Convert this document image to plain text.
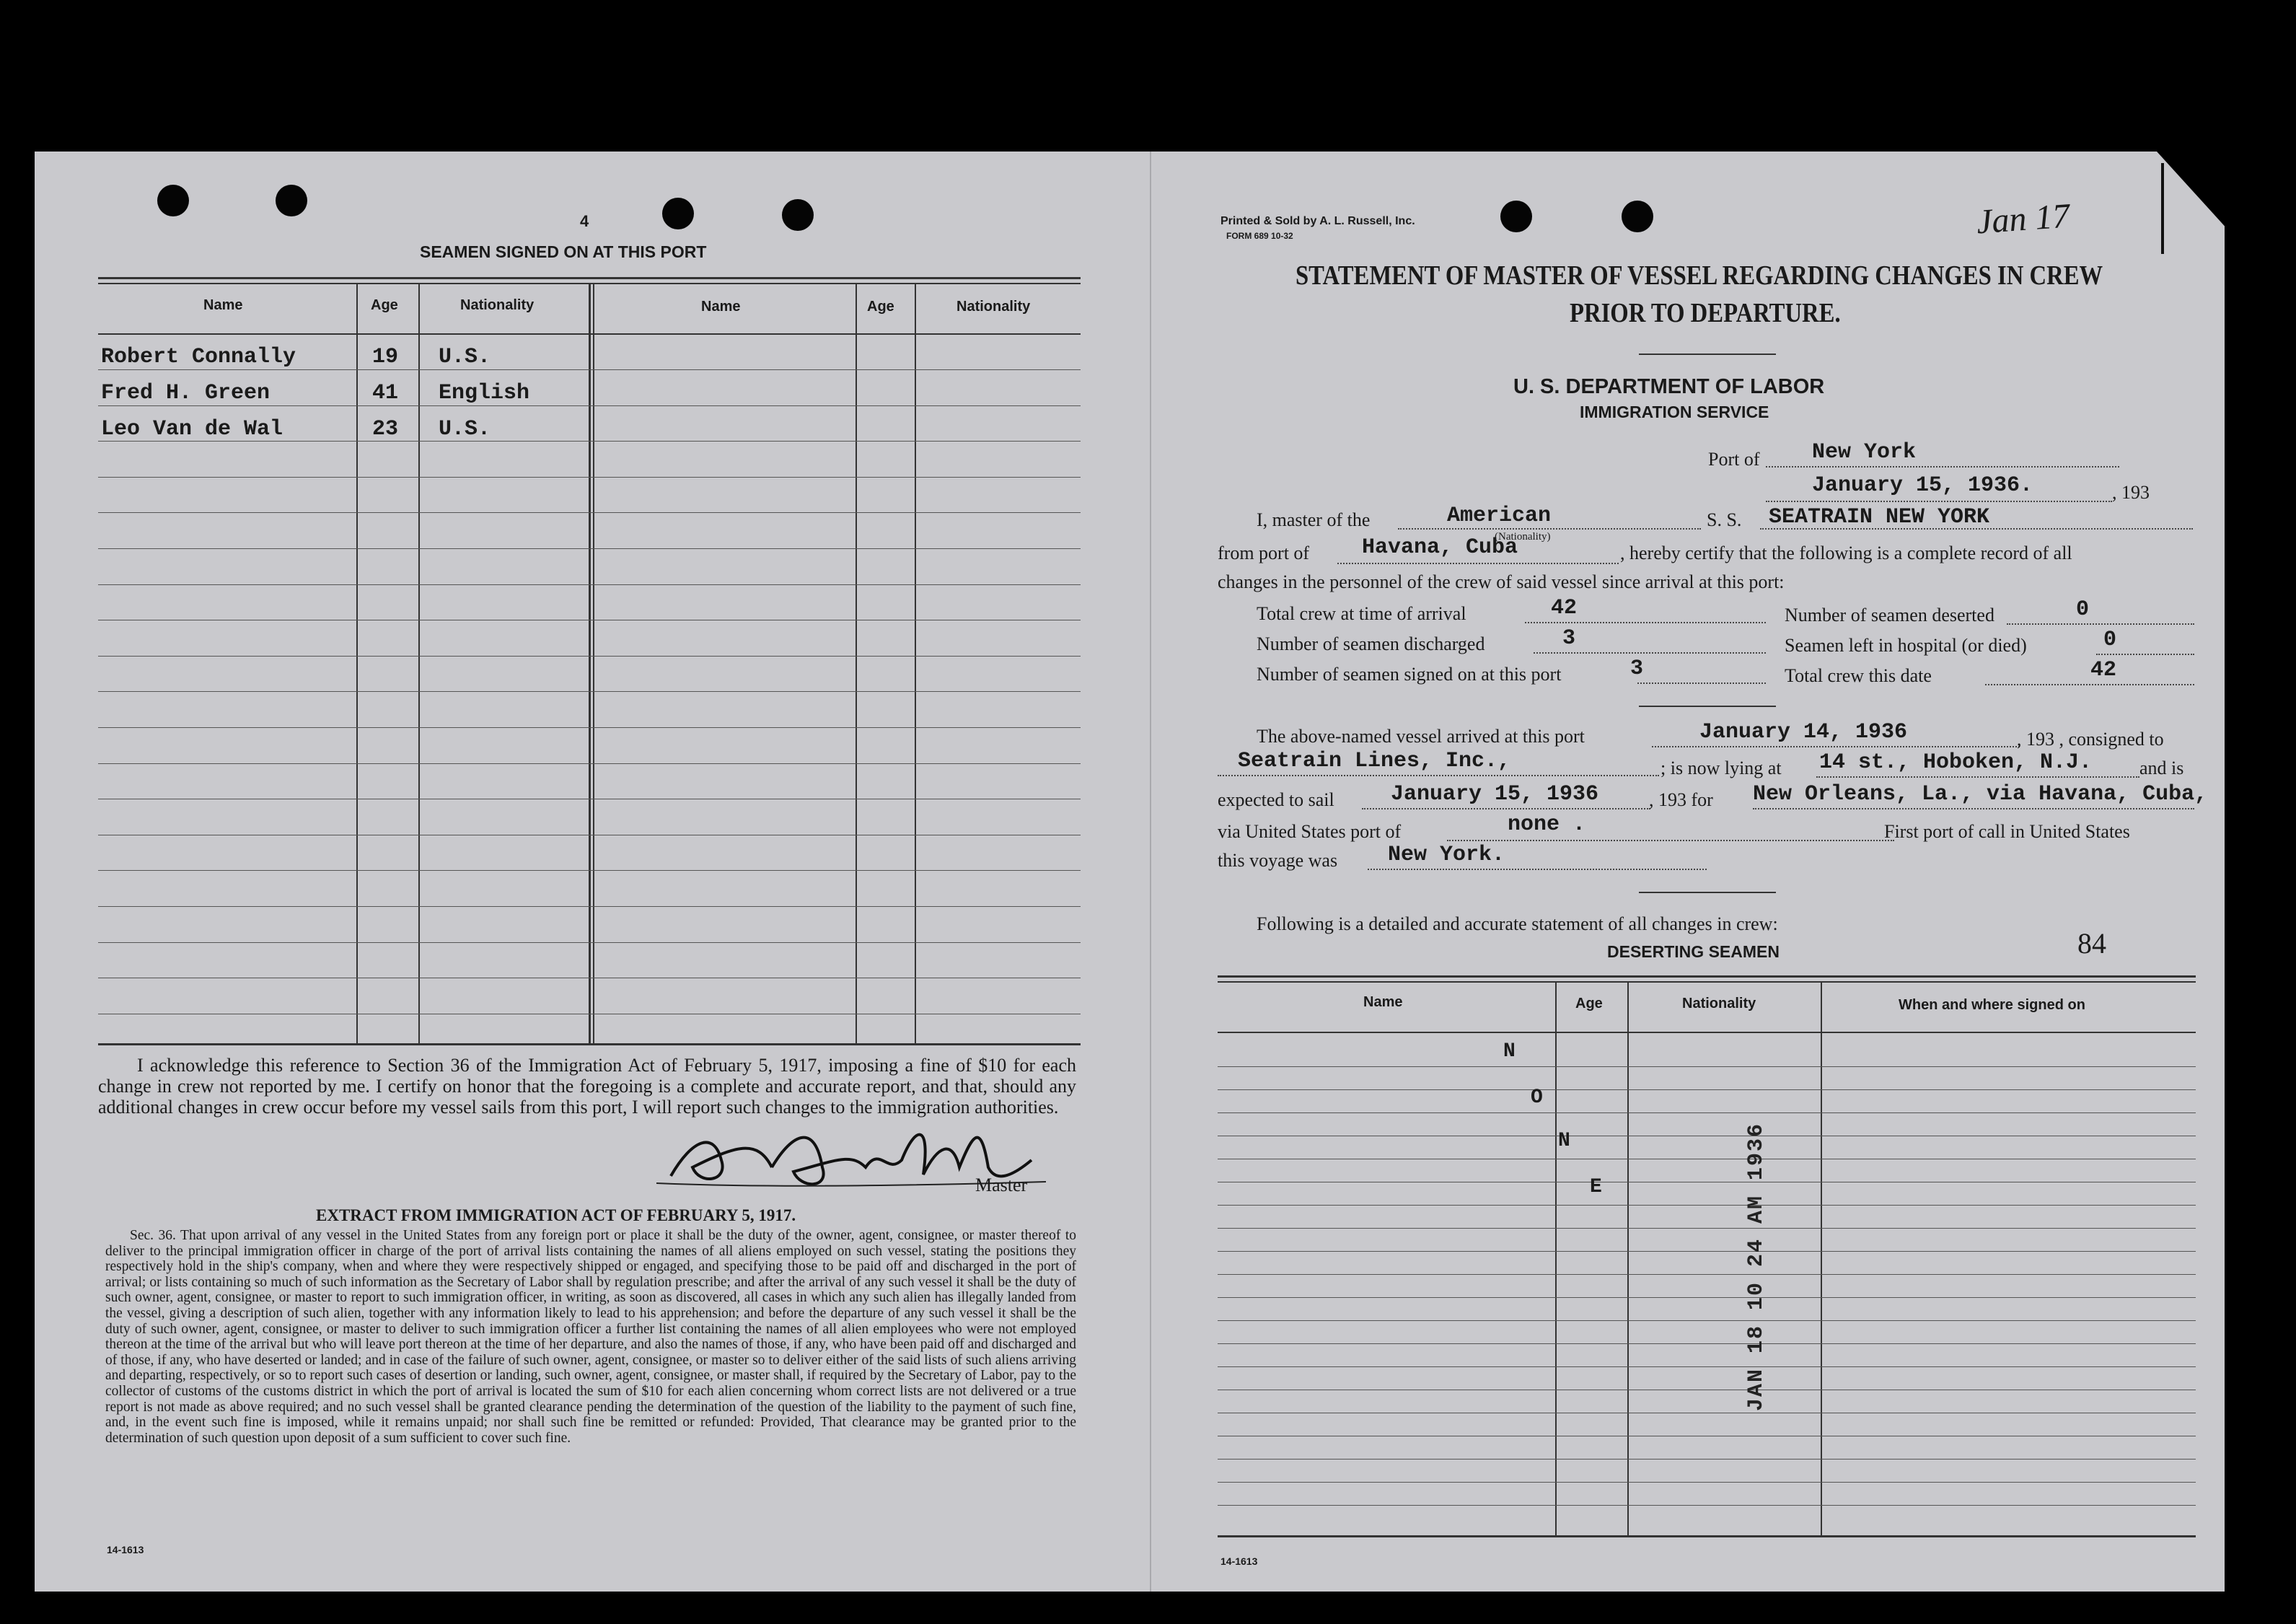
4
SEAMEN SIGNED ON AT THIS PORT
Name	Age	Nationality	Name	Age	Nationality
Robert Connally	19 U.S.
Fred H. Green	41 English
Leo Van de Wal	23 U.S.
I acknowledge this reference to Section 36 of the Immigration Act of February 5, 1917, imposing a fine of $10 for each change in crew not reported by me. I certify on honor that the foregoing is a complete and accurate report, and that, should any additional changes in crew occur before my vessel sails from this port, I will report such changes to the immigration authorities.
Master
EXTRACT FROM IMMIGRATION ACT OF FEBRUARY 5, 1917.
Sec. 36. That upon arrival of any vessel in the United States from any foreign port or place it shall be the duty of the owner, agent, consignee, or master thereof to deliver to the principal immigration officer in charge of the port of arrival lists containing the names of all aliens employed on such vessel, stating the positions they respectively hold in the ship's company, when and where they were respectively shipped or engaged, and specifying those to be paid off and discharged in the port of arrival; or lists containing so much of such information as the Secretary of Labor shall by regulation prescribe; and after the arrival of any such vessel it shall be the duty of such owner, agent, consignee, or master to report to such immigration officer, in writing, as soon as discovered, all cases in which any such alien has illegally landed from the vessel, giving a description of such alien, together with any information likely to lead to his apprehension; and before the departure of any such vessel it shall be the duty of such owner, agent, consignee, or master to deliver to such immigration officer a further list containing the names of all alien employees who were not employed thereon at the time of the arrival but who will leave port thereon at the time of her departure, and also the names of those, if any, who have been paid off and discharged and of those, if any, who have deserted or landed; and in case of the failure of such owner, agent, consignee, or master so to deliver either of the said lists of such aliens arriving and departing, respectively, or so to report such cases of desertion or landing, such owner, agent, consignee, or master shall, if required by the Secretary of Labor, pay to the collector of customs of the customs district in which the port of arrival is located the sum of $10 for each alien concerning whom correct lists are not delivered or a true report is not made as above required; and no such vessel shall be granted clearance pending the determination of the question of the liability to the payment of such fine, and, in the event such fine is imposed, while it remains unpaid; nor shall such fine be remitted or refunded: Provided, That clearance may be granted prior to the determination of such question upon deposit of a sum sufficient to cover such fine.
14-1613
Printed & Sold by A. L. Russell, Inc.
FORM 689 10-32	Jan 17
STATEMENT OF MASTER OF VESSEL REGARDING CHANGES IN CREW
PRIOR TO DEPARTURE.
U. S. DEPARTMENT OF LABOR
IMMIGRATION SERVICE
Port of New York
January 15, 1936.	, 193
I, master of the	American
(Nationality)
S. S. SEATRAIN NEW YORK
from port of Havana, Cuba	, hereby certify that the following is a complete record of all
changes in the personnel of the crew of said vessel since arrival at this port:
Total crew at time of arrival	42	Number of seamen deserted	0
Number of seamen discharged	3	Seamen left in hospital (or died)	0
Number of seamen signed on at this port	3	Total crew this date	42
The above-named vessel arrived at this port	January 14, 1936	, 193 , consigned to
Seatrain Lines, Inc.,	; is now lying at 14 st., Hoboken, N.J.	and is
expected to sail	January 15, 1936	, 193 for New Orleans, La., via Havana, Cuba,
via United States port of	none .	First port of call in United States
this voyage was New York.
Following is a detailed and accurate statement of all changes in crew:
84
DESERTING SEAMEN
Name	Age	Nationality	When and where signed on
N
O
N
E	JAN 18 10 24 AM 1936
14-1613
